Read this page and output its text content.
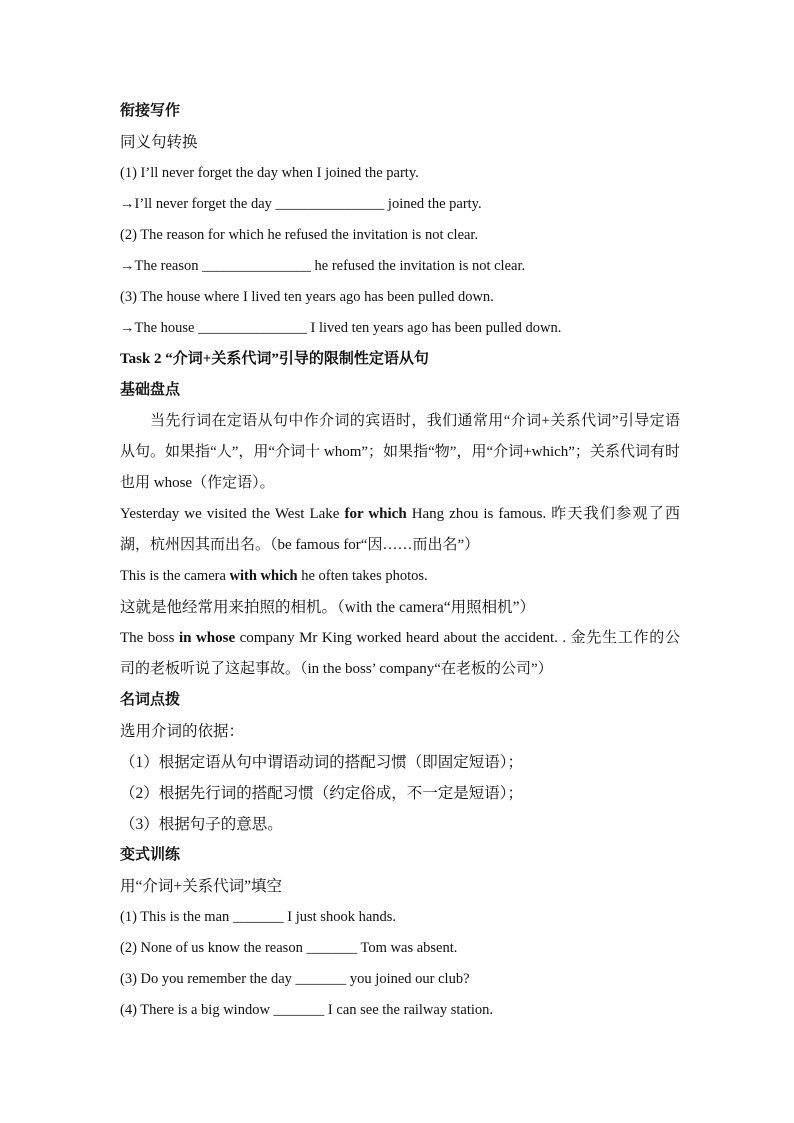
衔接写作
同义句转换
(1) I’ll never forget the day when I joined the party.
→I’ll never forget the day _______________ joined the party.
(2) The reason for which he refused the invitation is not clear.
→The reason _______________ he refused the invitation is not clear.
(3) The house where I lived ten years ago has been pulled down.
→The house _______________ I lived ten years ago has been pulled down.
Task 2 “介词+关系代词”引导的限制性定语从句
基础盘点
当先行词在定语从句中作介词的宾语时，我们通常用“介词+关系代词”引导定语从句。如果指“人”，用“介词十 whom”；如果指“物”，用“介词+which”；关系代词有时也用 whose（作定语）。
Yesterday we visited the West Lake for which Hang zhou is famous. 昨天我们参观了西湖，杭州因其而出名。（be famous for“因……而出名”）
This is the camera with which he often takes photos.
这就是他经常用来拍照的相机。（with the camera“用照相机”）
The boss in whose company Mr King worked heard about the accident. . 金先生工作的公司的老板听说了这起事故。（in the boss’ company“在老板的公司”）
名词点拨
选用介词的依据：
（1）根据定语从句中谓语动词的搭配习惯（即固定短语）；
（2）根据先行词的搭配习惯（约定俗成，不一定是短语）；
（3）根据句子的意思。
变式训练
用“介词+关系代词”填空
(1) This is the man _______ I just shook hands.
(2) None of us know the reason _______ Tom was absent.
(3) Do you remember the day _______ you joined our club?
(4) There is a big window _______ I can see the railway station.
